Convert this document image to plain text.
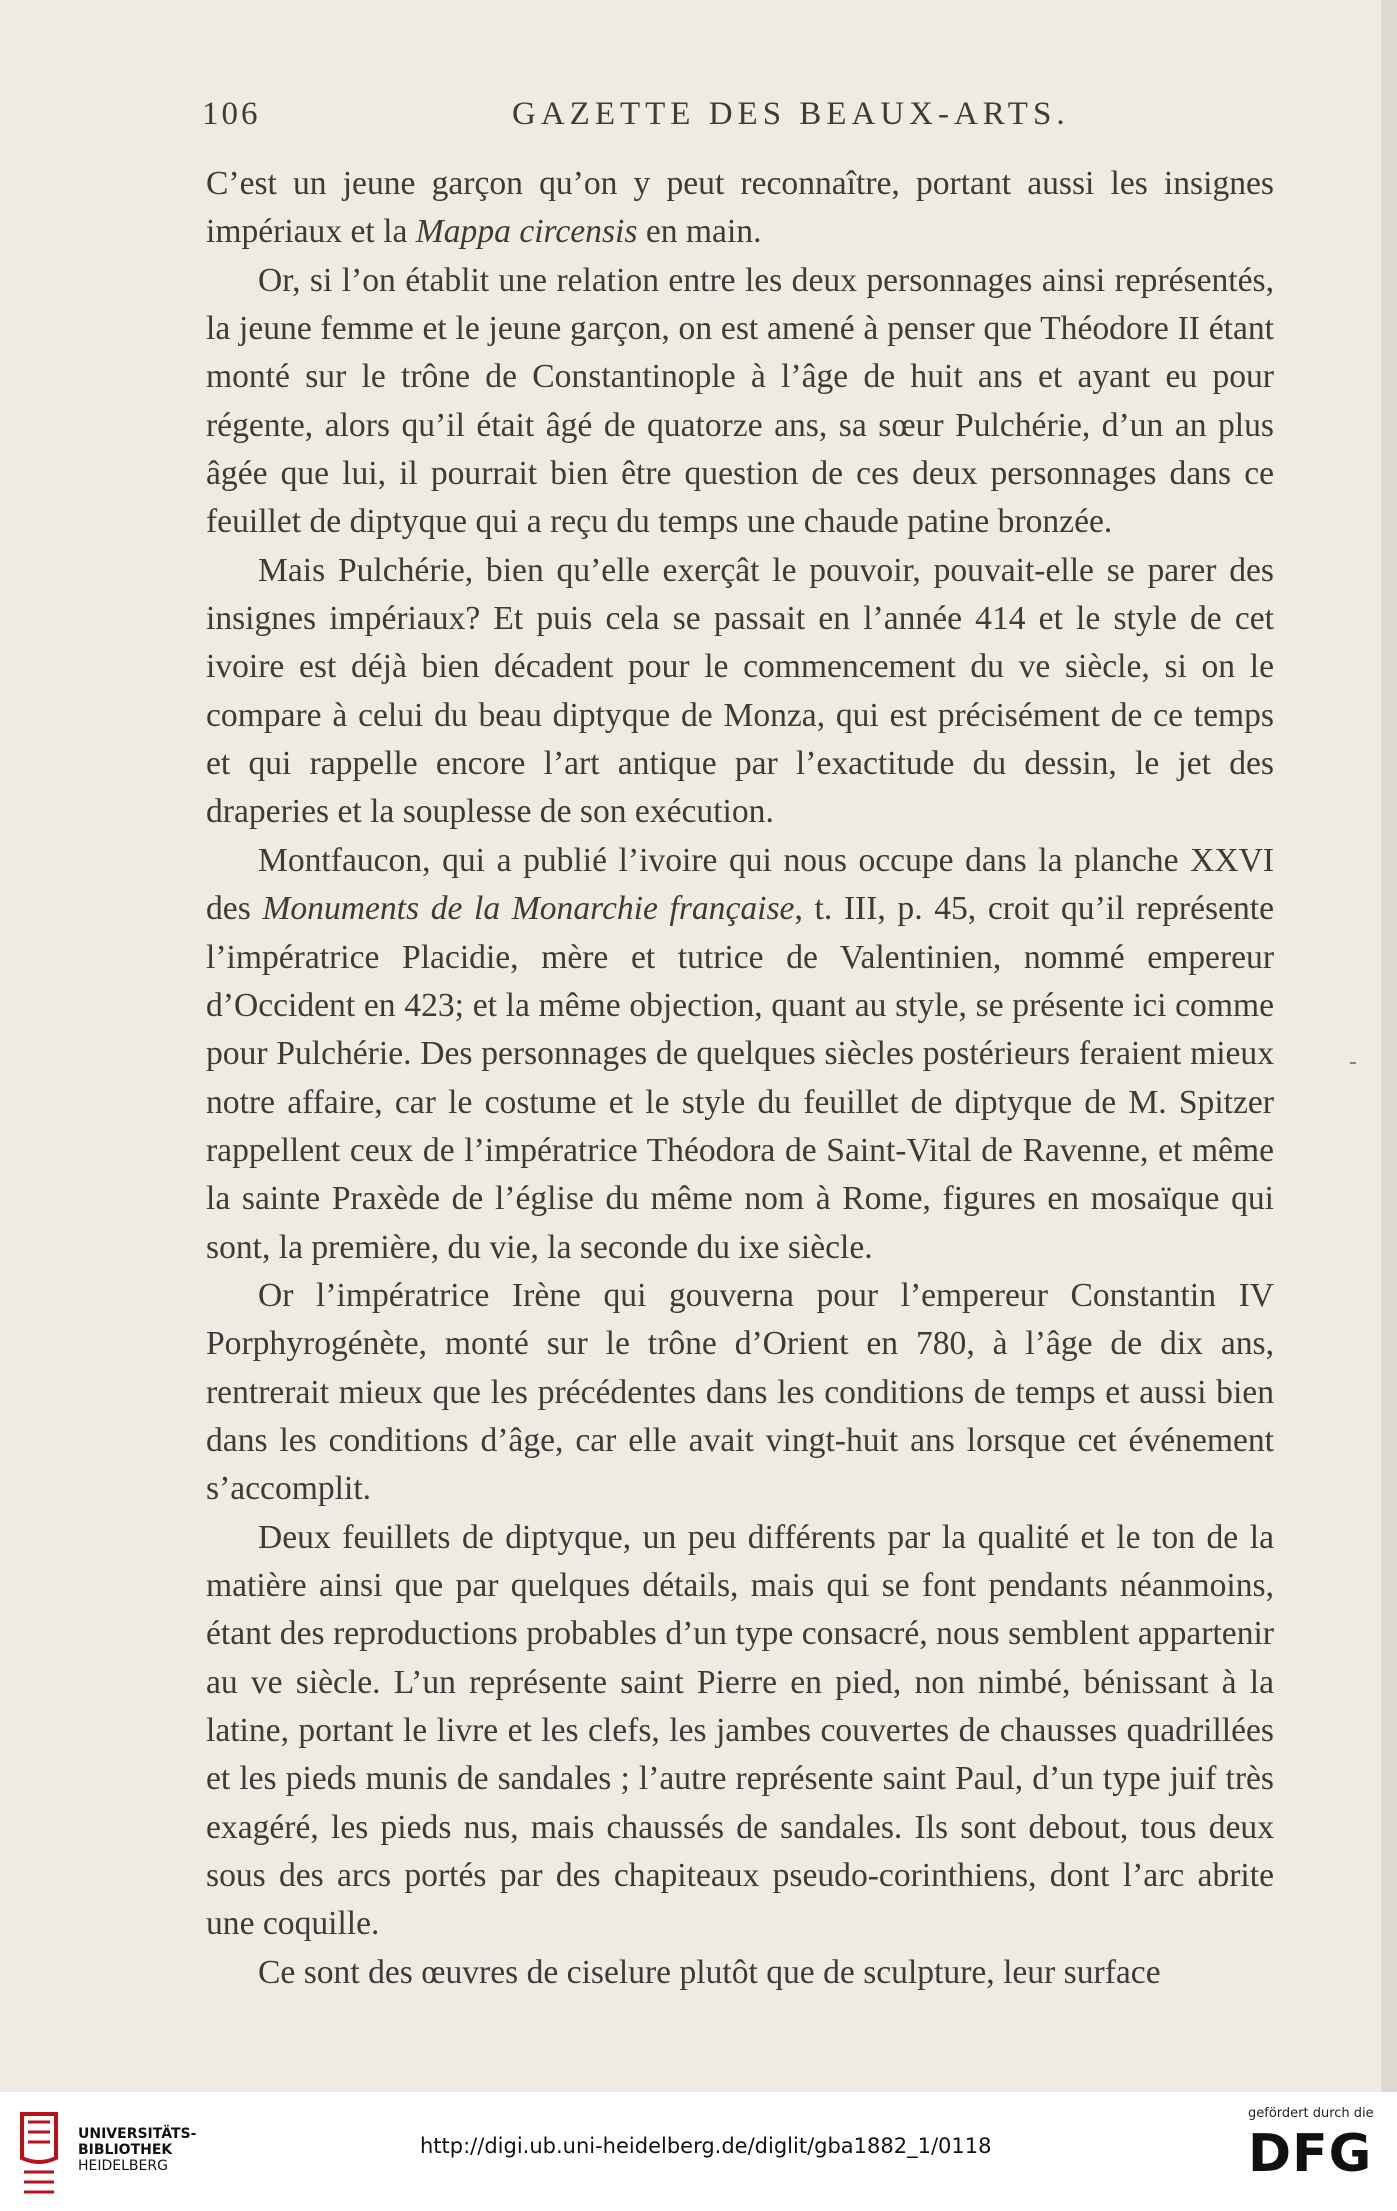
106	GAZETTE DES BEAUX-ARTS.

C’est un jeune garçon qu’on y peut reconnaître, portant aussi les insignes impériaux et la Mappa circensis en main.

Or, si l’on établit une relation entre les deux personnages ainsi représentés, la jeune femme et le jeune garçon, on est amené à penser que Théodore II étant monté sur le trône de Constantinople à l’âge de huit ans et ayant eu pour régente, alors qu’il était âgé de quatorze ans, sa sœur Pulchérie, d’un an plus âgée que lui, il pourrait bien être question de ces deux personnages dans ce feuillet de diptyque qui a reçu du temps une chaude patine bronzée.

Mais Pulchérie, bien qu’elle exerçât le pouvoir, pouvait-elle se parer des insignes impériaux? Et puis cela se passait en l’année 414 et le style de cet ivoire est déjà bien décadent pour le commencement du ve siècle, si on le compare à celui du beau diptyque de Monza, qui est précisément de ce temps et qui rappelle encore l’art antique par l’exactitude du dessin, le jet des draperies et la souplesse de son exécution.

Montfaucon, qui a publié l’ivoire qui nous occupe dans la planche XXVI des Monuments de la Monarchie française, t. III, p. 45, croit qu’il représente l’impératrice Placidie, mère et tutrice de Valentinien, nommé empereur d’Occident en 423; et la même objection, quant au style, se présente ici comme pour Pulchérie. Des personnages de quelques siècles postérieurs feraient mieux notre affaire, car le costume et le style du feuillet de diptyque de M. Spitzer rappellent ceux de l’impératrice Théodora de Saint-Vital de Ravenne, et même la sainte Praxède de l’église du même nom à Rome, figures en mosaïque qui sont, la première, du vie, la seconde du ixe siècle.

Or l’impératrice Irène qui gouverna pour l’empereur Constantin IV Porphyrogénète, monté sur le trône d’Orient en 780, à l’âge de dix ans, rentrerait mieux que les précédentes dans les conditions de temps et aussi bien dans les conditions d’âge, car elle avait vingt-huit ans lorsque cet événement s’accomplit.

Deux feuillets de diptyque, un peu différents par la qualité et le ton de la matière ainsi que par quelques détails, mais qui se font pendants néanmoins, étant des reproductions probables d’un type consacré, nous semblent appartenir au ve siècle. L’un représente saint Pierre en pied, non nimbé, bénissant à la latine, portant le livre et les clefs, les jambes couvertes de chausses quadrillées et les pieds munis de sandales ; l’autre représente saint Paul, d’un type juif très exagéré, les pieds nus, mais chaussés de sandales. Ils sont debout, tous deux sous des arcs portés par des chapiteaux pseudo-corinthiens, dont l’arc abrite une coquille.

Ce sont des œuvres de ciselure plutôt que de sculpture, leur surface

UNIVERSITÄTS-
BIBLIOTHEK
HEIDELBERG
http://digi.ub.uni-heidelberg.de/diglit/gba1882_1/0118
gefördert durch die
DFG
